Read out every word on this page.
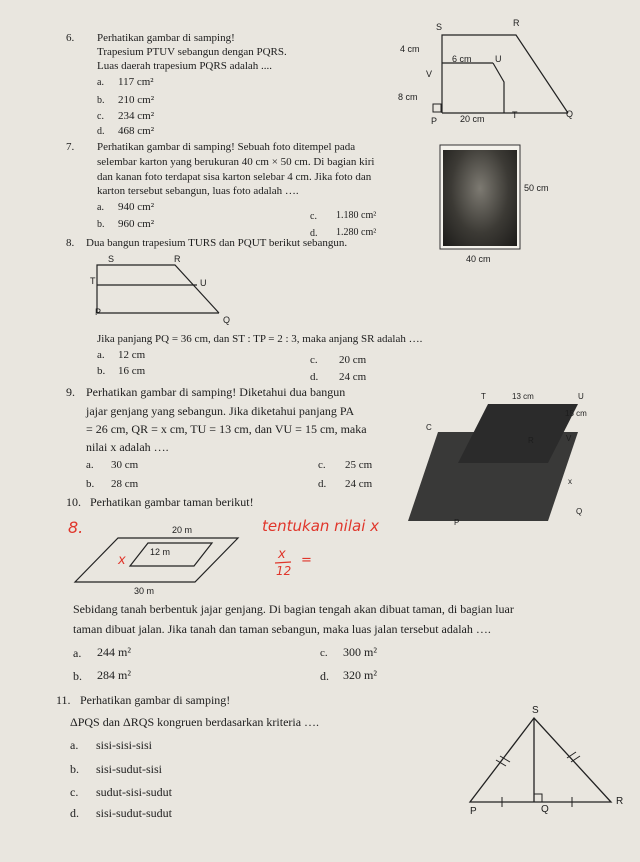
6. Perhatikan gambar di samping!
Trapesium PTUV sebangun dengan PQRS.
Luas daerah trapesium PQRS adalah ....
a. 117 cm²
b. 210 cm²
c. 234 cm²
d. 468 cm²
S	R
4 cm
6 cm	U
V
8 cm
P	20 cm	T	Q
7. Perhatikan gambar di samping! Sebuah foto ditempel pada
selembar karton yang berukuran 40 cm × 50 cm. Di bagian kiri
dan kanan foto terdapat sisa karton selebar 4 cm. Jika foto dan
karton tersebut sebangun, luas foto adalah ….
a. 940 cm²
b. 960 cm²
c. 1.180 cm²
d. 1.280 cm²
50 cm
40 cm
8. Dua bangun trapesium TURS dan PQUT berikut sebangun.
S	R
T	U
P
Q
Jika panjang PQ = 36 cm, dan ST : TP = 2 : 3, maka anjang SR adalah ….
a. 12 cm	c. 20 cm
b. 16 cm	d. 24 cm
9. Perhatikan gambar di samping! Diketahui dua bangun
jajar genjang yang sebangun. Jika diketahui panjang PA
= 26 cm, QR = x cm, TU = 13 cm, dan VU = 15 cm, maka
nilai x adalah ….
a. 30 cm	c. 25 cm
b. 28 cm	d. 24 cm
T	13 cm	U
15 cm
C
R	V
x
Q
P
10. Perhatikan gambar taman berikut!
20 m
12 m
30 m
8.
x
tentukan nilai x
x
12
=
Sebidang tanah berbentuk jajar genjang. Di bagian tengah akan dibuat taman, di bagian luar
taman dibuat jalan. Jika tanah dan taman sebangun, maka luas jalan tersebut adalah ….
a. 244 m²	c. 300 m²
b. 284 m²	d. 320 m²
11. Perhatikan gambar di samping!
ΔPQS dan ΔRQS kongruen berdasarkan kriteria ….
a. sisi-sisi-sisi
b. sisi-sudut-sisi
c. sudut-sisi-sudut
d. sisi-sudut-sudut
S
P	Q
R
